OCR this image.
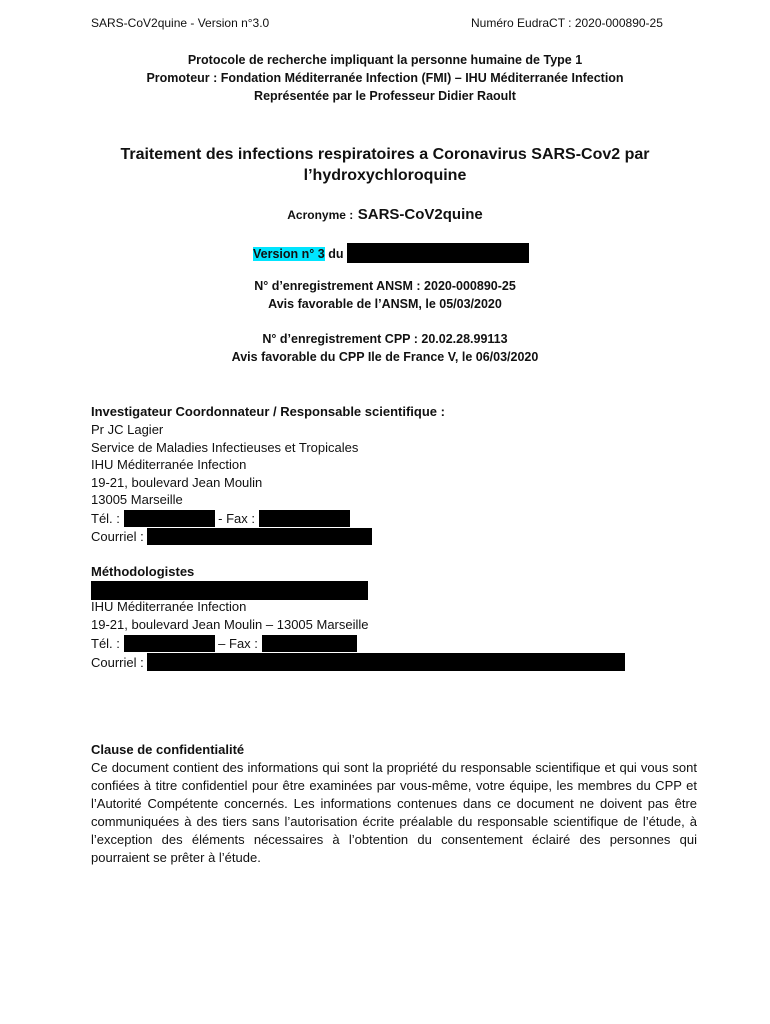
SARS-CoV2quine - Version n°3.0	Numéro EudraCT : 2020-000890-25
Protocole de recherche impliquant la personne humaine de Type 1
Promoteur : Fondation Méditerranée Infection (FMI) – IHU Méditerranée Infection
Représentée par le Professeur Didier Raoult
Traitement des infections respiratoires a Coronavirus SARS-Cov2 par
l’hydroxychloroquine
Acronyme : SARS-CoV2quine
Version n° 3 du
N° d’enregistrement ANSM : 2020-000890-25
Avis favorable de l’ANSM, le 05/03/2020
N° d’enregistrement CPP : 20.02.28.99113
Avis favorable du CPP Ile de France V, le 06/03/2020
Investigateur Coordonnateur / Responsable scientifique :
Pr JC Lagier
Service de Maladies Infectieuses et Tropicales
IHU Méditerranée Infection
19-21, boulevard Jean Moulin
13005 Marseille
Tél. :	- Fax :
Courriel :
Méthodologistes
IHU Méditerranée Infection
19-21, boulevard Jean Moulin – 13005 Marseille
Tél. :	– Fax :
Courriel :
Clause de confidentialité
Ce document contient des informations qui sont la propriété du responsable scientifique et qui vous sont confiées à titre confidentiel pour être examinées par vous-même, votre équipe, les membres du CPP et l’Autorité Compétente concernés. Les informations contenues dans ce document ne doivent pas être communiquées à des tiers sans l’autorisation écrite préalable du responsable scientifique de l’étude, à l’exception des éléments nécessaires à l’obtention du consentement éclairé des personnes qui pourraient se prêter à l’étude.
